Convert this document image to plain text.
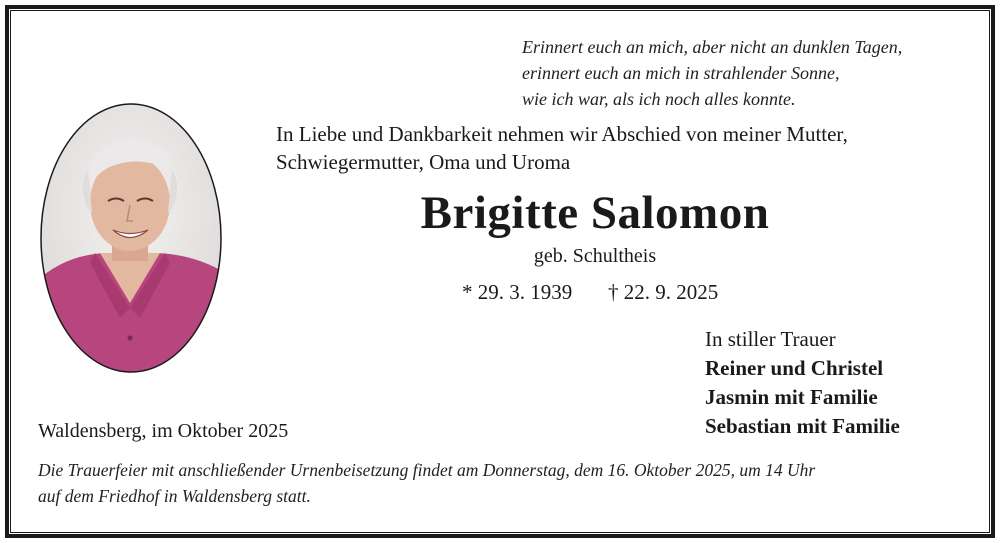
Erinnert euch an mich, aber nicht an dunklen Tagen,
erinnert euch an mich in strahlender Sonne,
wie ich war, als ich noch alles konnte.
In Liebe und Dankbarkeit nehmen wir Abschied von meiner Mutter,
Schwiegermutter, Oma und Uroma
Brigitte Salomon
geb. Schultheis
* 29. 3. 1939 † 22. 9. 2025
In stiller Trauer
Reiner und Christel
Jasmin mit Familie
Sebastian mit Familie
Waldensberg, im Oktober 2025
Die Trauerfeier mit anschließender Urnenbeisetzung findet am Donnerstag, dem 16. Oktober 2025, um 14 Uhr
auf dem Friedhof in Waldensberg statt.
